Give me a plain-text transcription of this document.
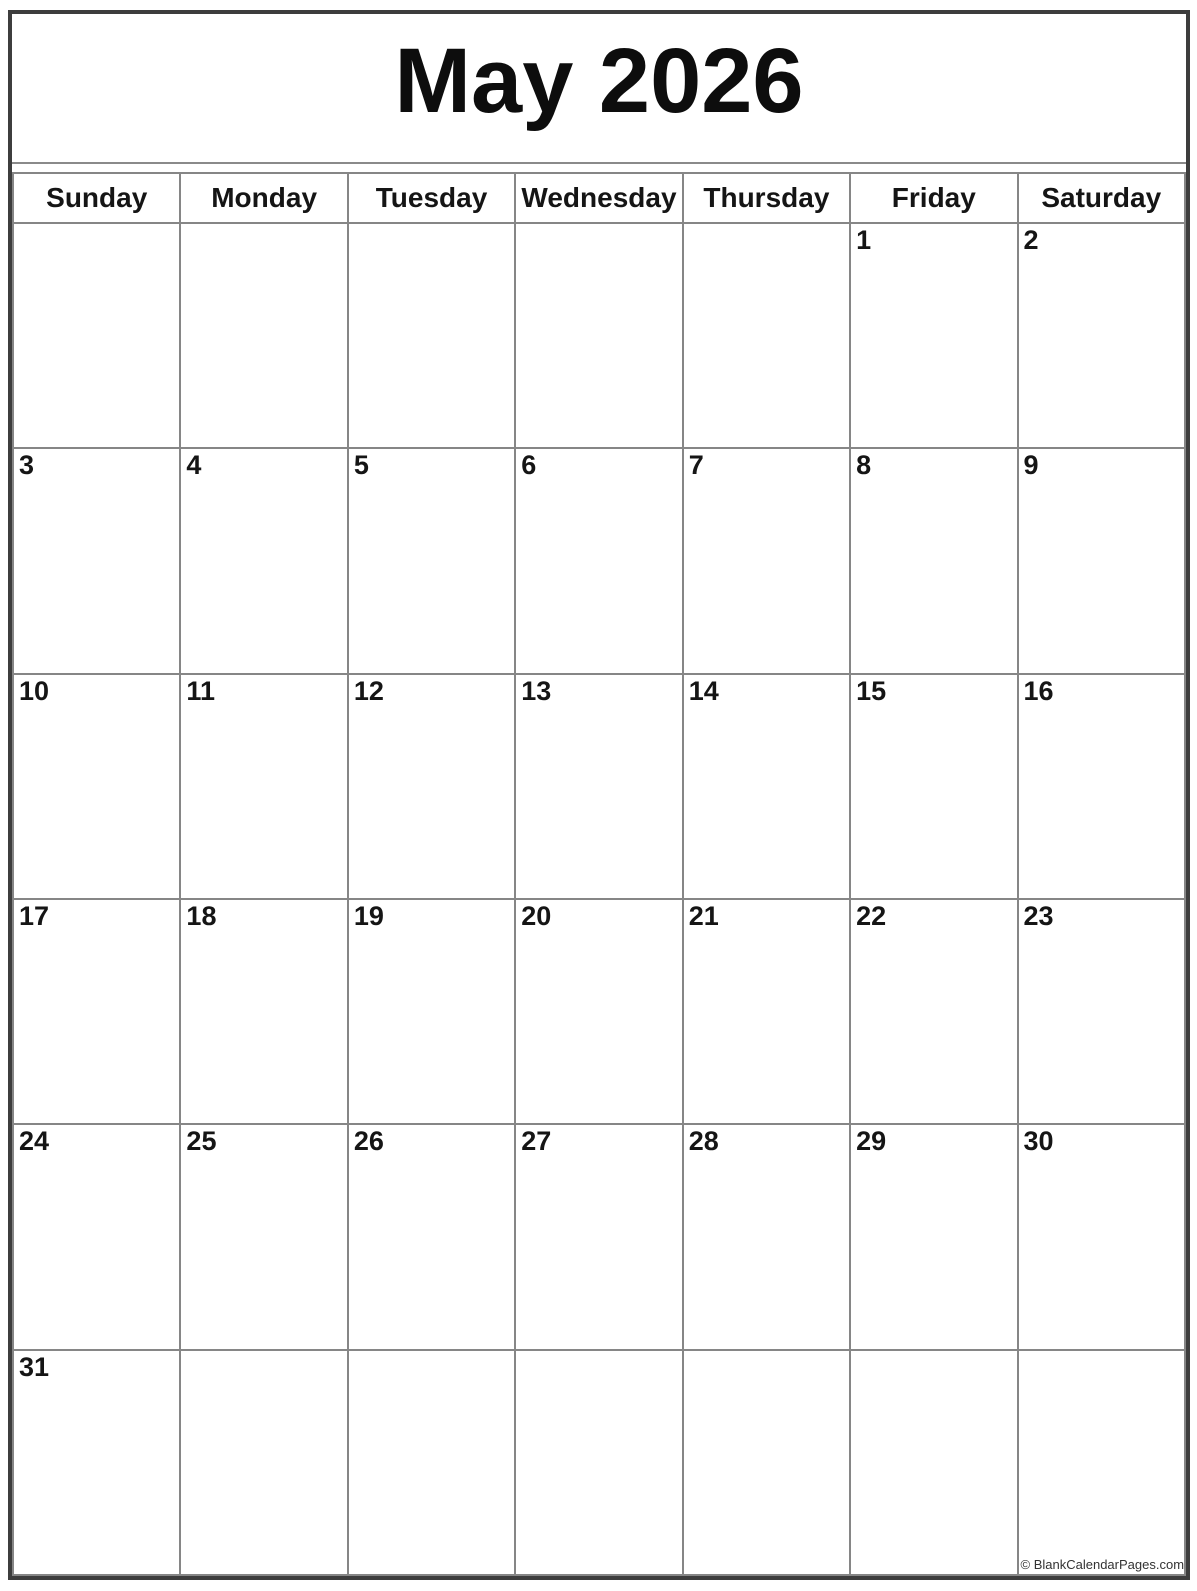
May 2026
Sunday	Monday	Tuesday	Wednesday	Thursday	Friday	Saturday

					1	2

3	4	5	6	7	8	9

10	11	12	13	14	15	16

17	18	19	20	21	22	23

24	25	26	27	28	29	30

31						© BlankCalendarPages.com
